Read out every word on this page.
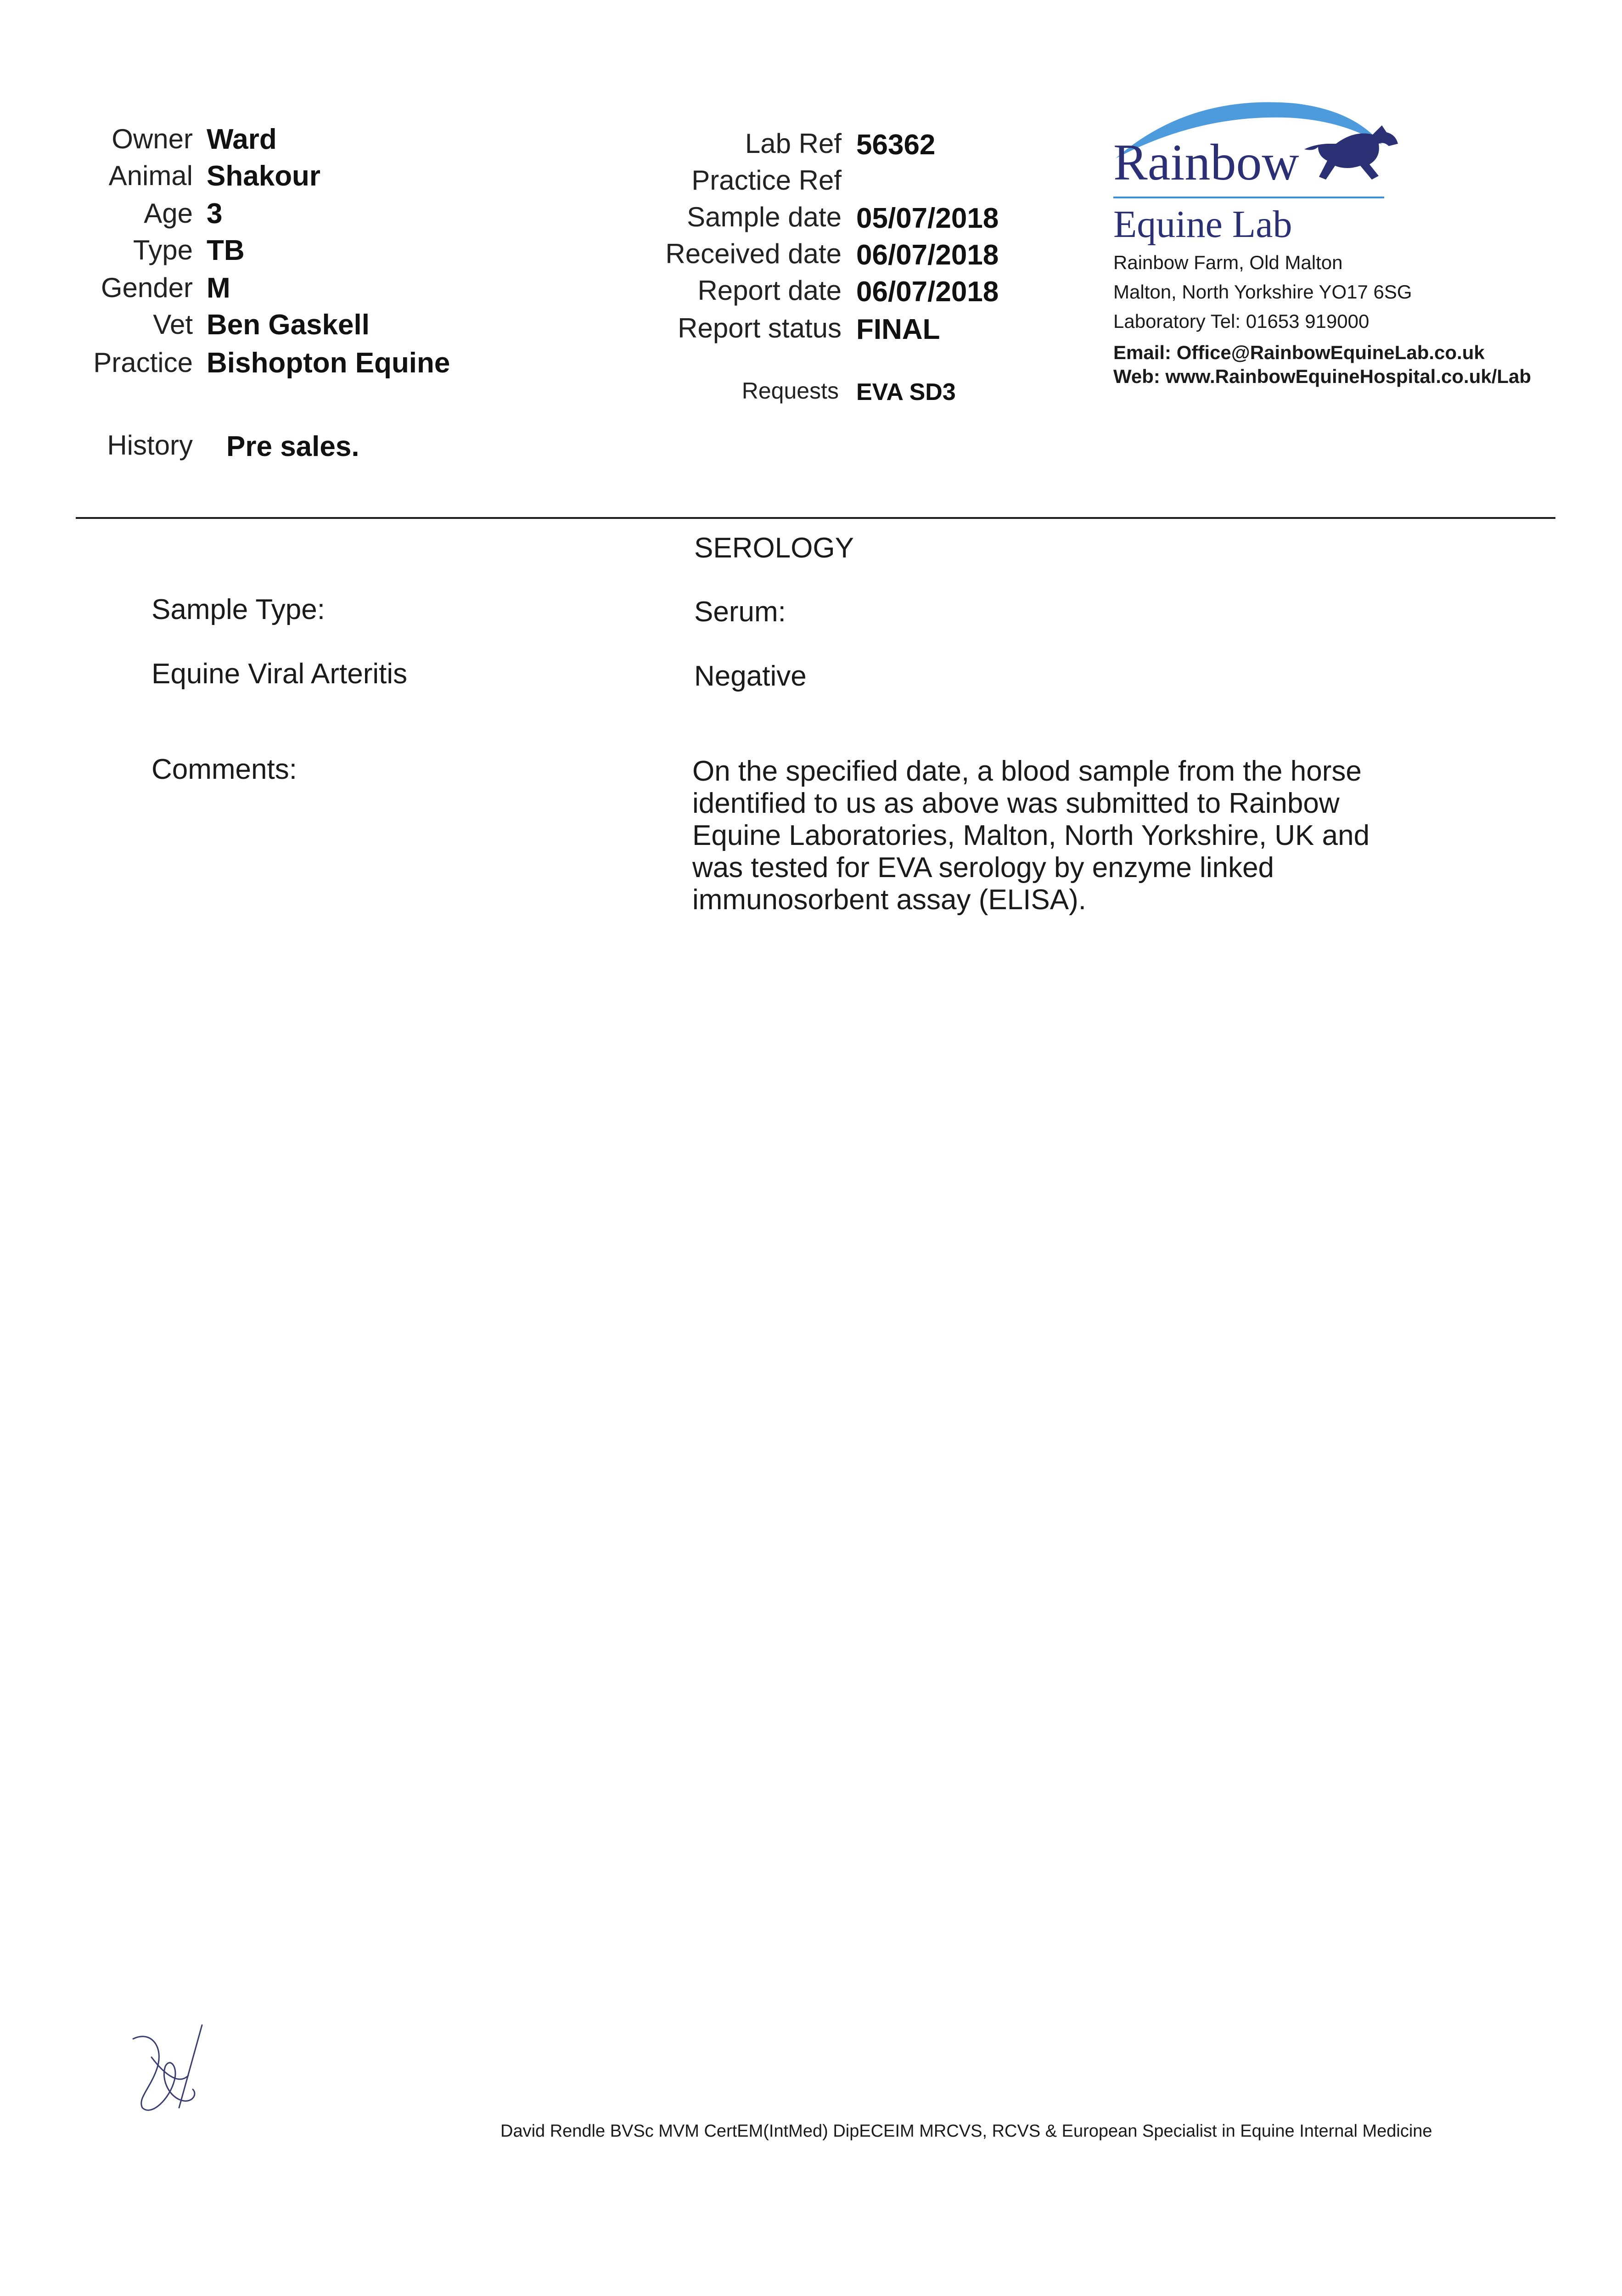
Owner Ward
Animal Shakour
Age 3
Type TB
Gender M
Vet Ben Gaskell
Practice Bishopton Equine
History Pre sales.
Lab Ref 56362
Practice Ref
Sample date 05/07/2018
Received date 06/07/2018
Report date 06/07/2018
Report status FINAL
Requests EVA SD3
Rainbow
Equine Lab
Rainbow Farm, Old Malton
Malton, North Yorkshire YO17 6SG
Laboratory Tel: 01653 919000
Email: Office@RainbowEquineLab.co.uk
Web: www.RainbowEquineHospital.co.uk/Lab
SEROLOGY
Sample Type:	Serum:
Equine Viral Arteritis	Negative
Comments:	On the specified date, a blood sample from the horse identified to us as above was submitted to Rainbow Equine Laboratories, Malton, North Yorkshire, UK and was tested for EVA serology by enzyme linked immunosorbent assay (ELISA).
David Rendle BVSc MVM CertEM(IntMed) DipECEIM MRCVS, RCVS & European Specialist in Equine Internal Medicine
